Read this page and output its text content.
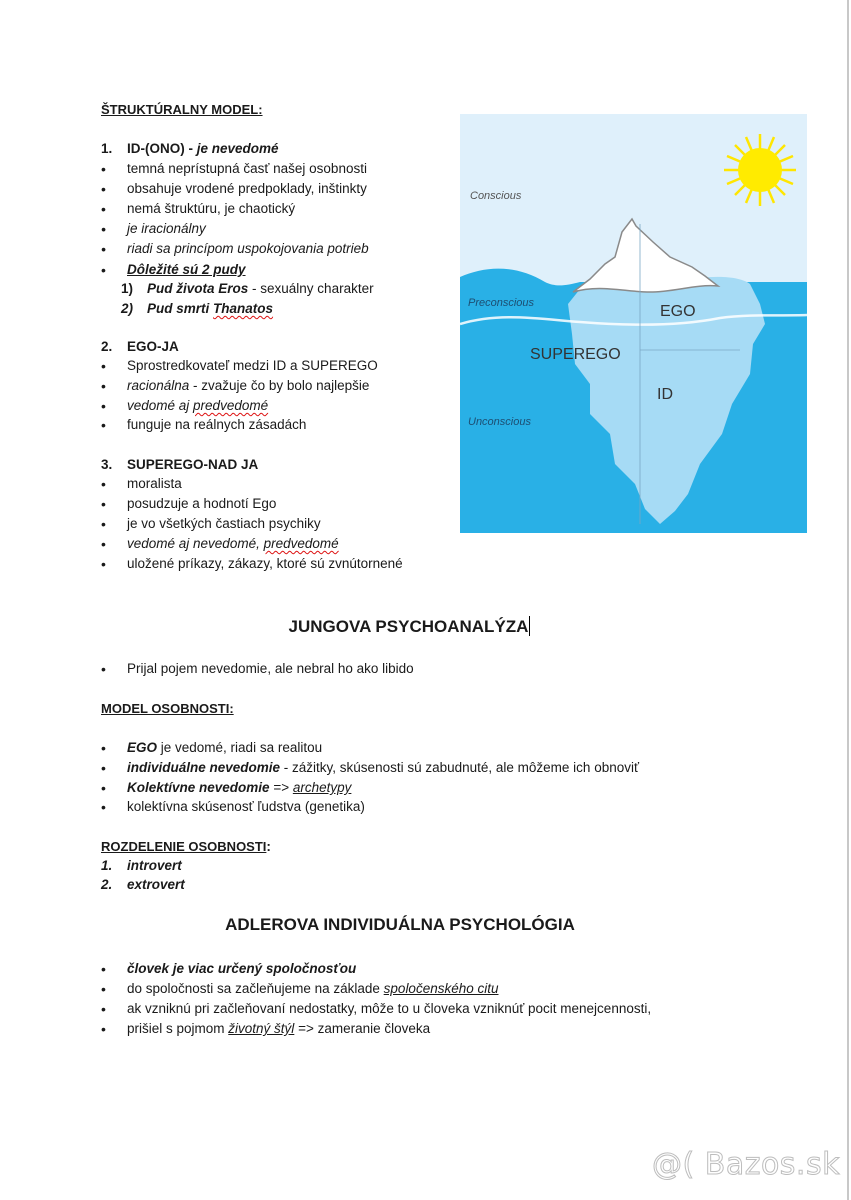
ŠTRUKTÚRALNY MODEL:
1. ID-(ONO) - je nevedomé
• temná neprístupná časť našej osobnosti
• obsahuje vrodené predpoklady, inštinkty
• nemá štruktúru, je chaotický
• je iracionálny
• riadi sa princípom uspokojovania potrieb
• Dôležité sú 2 pudy
1) Pud života Eros - sexuálny charakter
2) Pud smrti Thanatos
2. EGO-JA
• Sprostredkovateľ medzi ID a SUPEREGO
• racionálna - zvažuje čo by bolo najlepšie
• vedomé aj predvedomé
• funguje na reálnych zásadách
3. SUPEREGO-NAD JA
• moralista
• posudzuje a hodnotí Ego
• je vo všetkých častiach psychiky
• vedomé aj nevedomé, predvedomé
• uložené príkazy, zákazy, ktoré sú zvnútornené
JUNGOVA PSYCHOANALÝZA
• Prijal pojem nevedomie, ale nebral ho ako libido
MODEL OSOBNOSTI:
• EGO je vedomé, riadi sa realitou
• individuálne nevedomie - zážitky, skúsenosti sú zabudnuté, ale môžeme ich obnoviť
• Kolektívne nevedomie => archetypy
• kolektívna skúsenosť ľudstva (genetika)
ROZDELENIE OSOBNOSTI:
1. introvert
2. extrovert
ADLEROVA INDIVIDUÁLNA PSYCHOLÓGIA
• človek je viac určený spoločnosťou
• do spoločnosti sa začleňujeme na základe spoločenského citu
• ak vzniknú pri začleňovaní nedostatky, môže to u človeka vzniknúť pocit menejcennosti,
• prišiel s pojmom životný štýl => zameranie človeka
Conscious
Preconscious
Unconscious
EGO
SUPEREGO
ID
@( Bazos.sk
